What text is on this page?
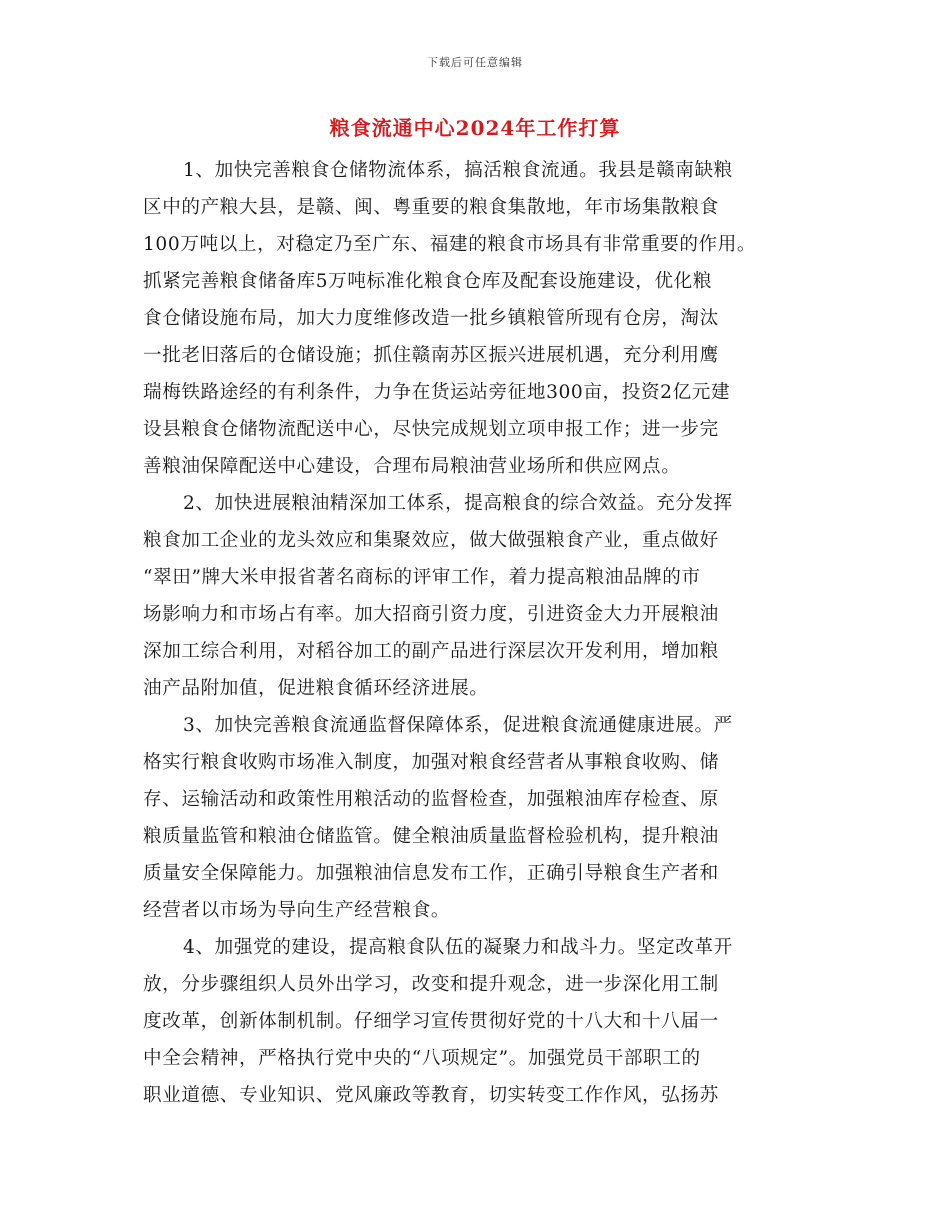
下载后可任意编辑
粮食流通中心2024年工作打算
1、加快完善粮食仓储物流体系，搞活粮食流通。我县是赣南缺粮
区中的产粮大县，是赣、闽、粤重要的粮食集散地，年市场集散粮食
100万吨以上，对稳定乃至广东、福建的粮食市场具有非常重要的作用。
抓紧完善粮食储备库5万吨标准化粮食仓库及配套设施建设，优化粮
食仓储设施布局，加大力度维修改造一批乡镇粮管所现有仓房，淘汰
一批老旧落后的仓储设施；抓住赣南苏区振兴进展机遇，充分利用鹰
瑞梅铁路途经的有利条件，力争在货运站旁征地300亩，投资2亿元建
设县粮食仓储物流配送中心，尽快完成规划立项申报工作；进一步完
善粮油保障配送中心建设，合理布局粮油营业场所和供应网点。
2、加快进展粮油精深加工体系，提高粮食的综合效益。充分发挥
粮食加工企业的龙头效应和集聚效应，做大做强粮食产业，重点做好
“翠田”牌大米申报省著名商标的评审工作，着力提高粮油品牌的市
场影响力和市场占有率。加大招商引资力度，引进资金大力开展粮油
深加工综合利用，对稻谷加工的副产品进行深层次开发利用，增加粮
油产品附加值，促进粮食循环经济进展。
3、加快完善粮食流通监督保障体系，促进粮食流通健康进展。严
格实行粮食收购市场准入制度，加强对粮食经营者从事粮食收购、储
存、运输活动和政策性用粮活动的监督检查，加强粮油库存检查、原
粮质量监管和粮油仓储监管。健全粮油质量监督检验机构，提升粮油
质量安全保障能力。加强粮油信息发布工作，正确引导粮食生产者和
经营者以市场为导向生产经营粮食。
4、加强党的建设，提高粮食队伍的凝聚力和战斗力。坚定改革开
放，分步骤组织人员外出学习，改变和提升观念，进一步深化用工制
度改革，创新体制机制。仔细学习宣传贯彻好党的十八大和十八届一
中全会精神，严格执行党中央的“八项规定”。加强党员干部职工的
职业道德、专业知识、党风廉政等教育，切实转变工作作风，弘扬苏
